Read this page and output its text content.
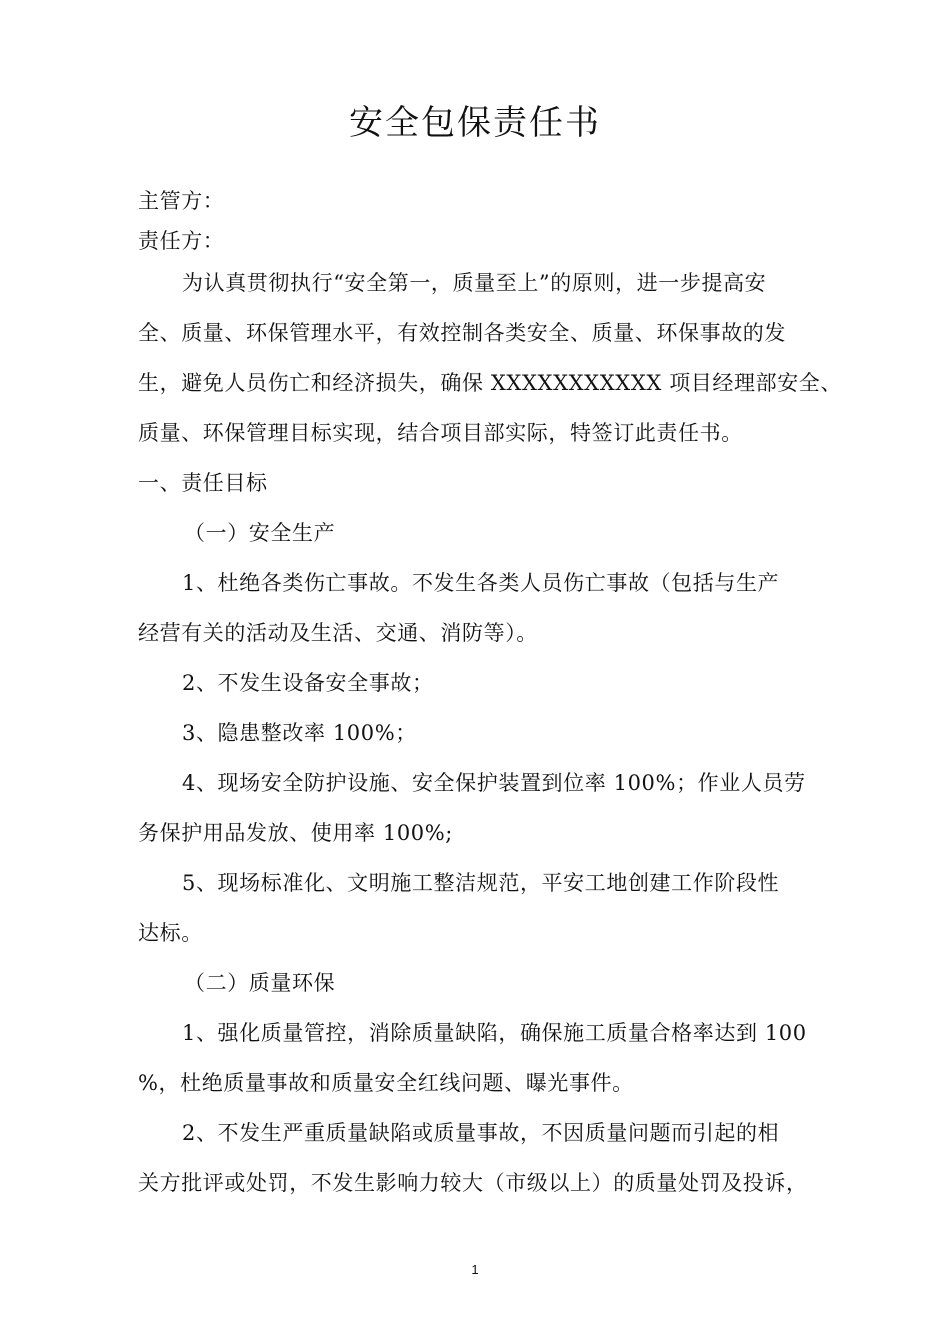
安全包保责任书
主管方：
责任方：
为认真贯彻执行“安全第一，质量至上”的原则，进一步提高安
全、质量、环保管理水平，有效控制各类安全、质量、环保事故的发
生，避免人员伤亡和经济损失，确保 XXXXXXXXXXX 项目经理部安全、
质量、环保管理目标实现，结合项目部实际，特签订此责任书。
一、责任目标
（一）安全生产
1、杜绝各类伤亡事故。不发生各类人员伤亡事故（包括与生产
经营有关的活动及生活、交通、消防等）。
2、不发生设备安全事故；
3、隐患整改率 100%；
4、现场安全防护设施、安全保护装置到位率 100%；作业人员劳
务保护用品发放、使用率 100%;
5、现场标准化、文明施工整洁规范，平安工地创建工作阶段性
达标。
（二）质量环保
1、强化质量管控，消除质量缺陷，确保施工质量合格率达到 100
%，杜绝质量事故和质量安全红线问题、曝光事件。
2、不发生严重质量缺陷或质量事故，不因质量问题而引起的相
关方批评或处罚，不发生影响力较大（市级以上）的质量处罚及投诉，
1
